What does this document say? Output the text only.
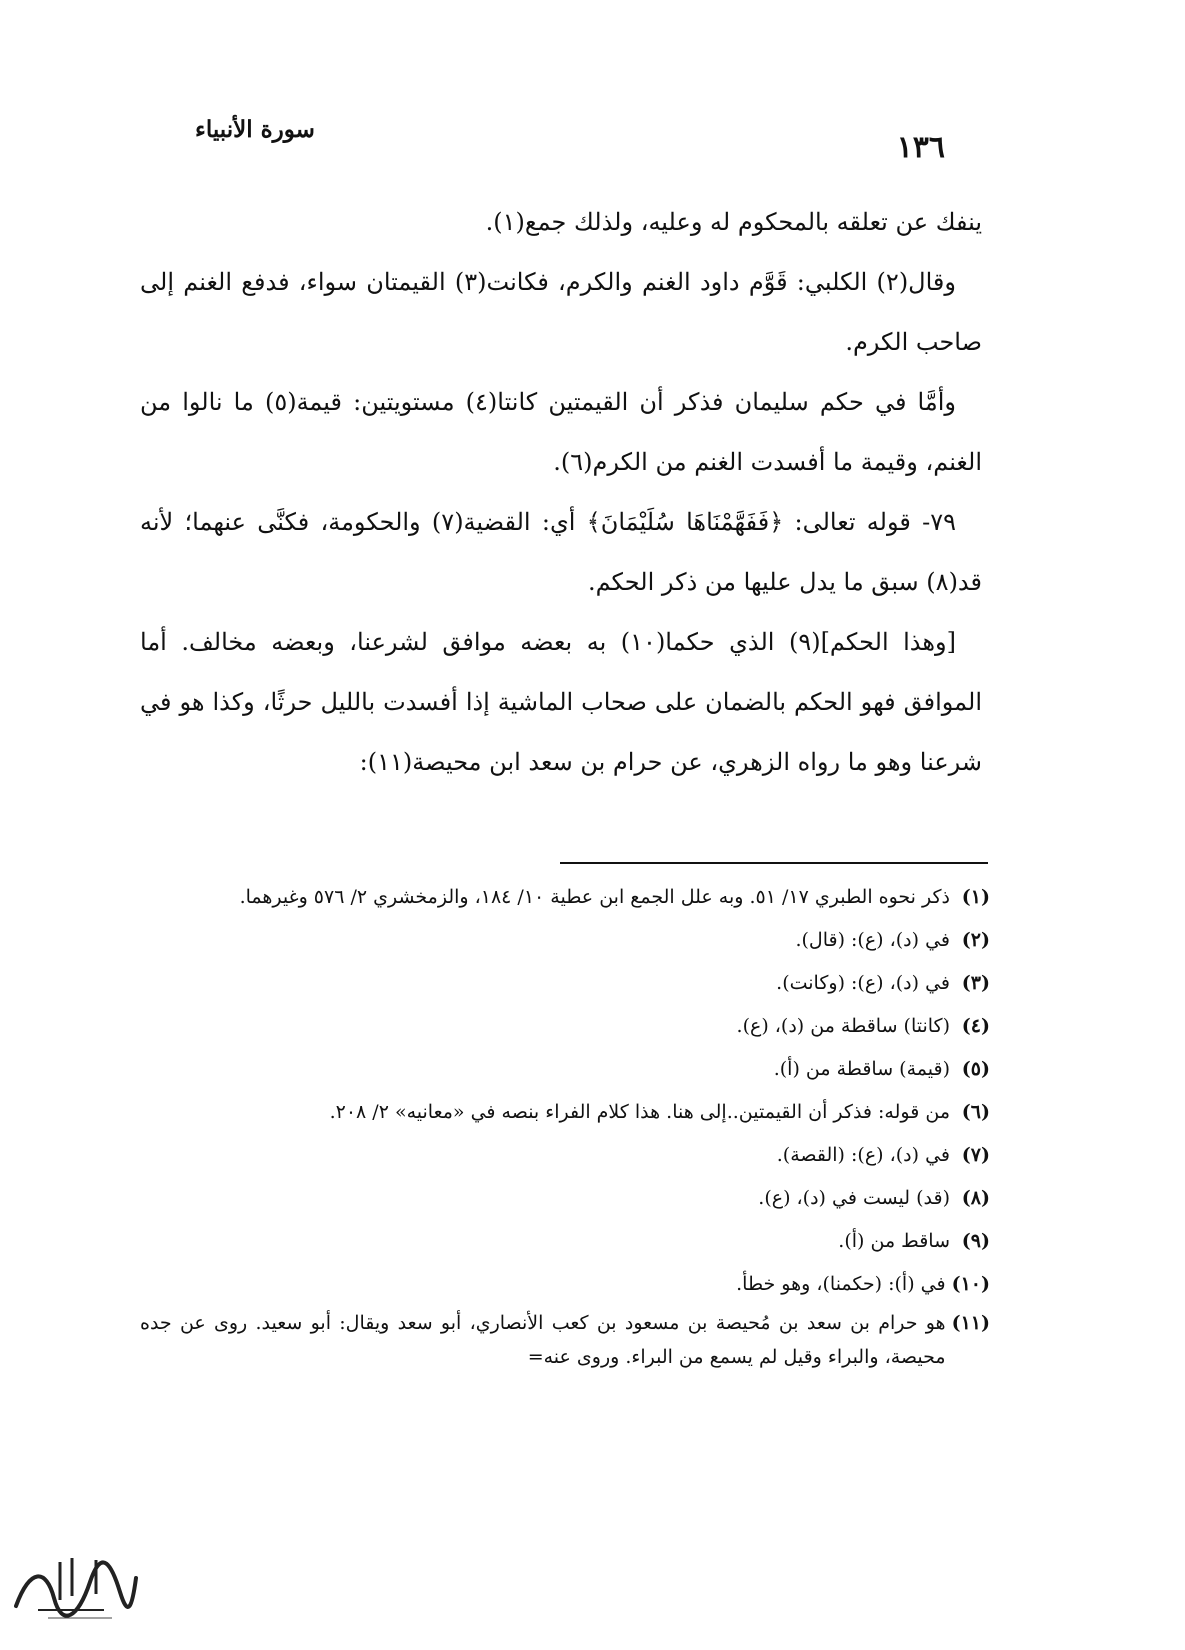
١٣٦
سورة الأنبياء

ينفك عن تعلقه بالمحكوم له وعليه، ولذلك جمع(١).

وقال(٢) الكلبي: قَوَّم داود الغنم والكرم، فكانت(٣) القيمتان سواء، فدفع الغنم إلى صاحب الكرم.

وأمَّا في حكم سليمان فذكر أن القيمتين كانتا(٤) مستويتين: قيمة(٥) ما نالوا من الغنم، وقيمة ما أفسدت الغنم من الكرم(٦).

٧٩- قوله تعالى: ﴿فَفَهَّمْنَاهَا سُلَيْمَانَ﴾ أي: القضية(٧) والحكومة، فكنَّى عنهما؛ لأنه قد(٨) سبق ما يدل عليها من ذكر الحكم.

[وهذا الحكم](٩) الذي حكما(١٠) به بعضه موافق لشرعنا، وبعضه مخالف. أما الموافق فهو الحكم بالضمان على صحاب الماشية إذا أفسدت بالليل حرثًا، وكذا هو في شرعنا وهو ما رواه الزهري، عن حرام بن سعد ابن محيصة(١١):

(١)
ذكر نحوه الطبري ١٧/ ٥١. وبه علل الجمع ابن عطية ١٠/ ١٨٤، والزمخشري ٢/ ٥٧٦ وغيرهما.
(٢)
في (د)، (ع): (قال).
(٣)
في (د)، (ع): (وكانت).
(٤)
(كانتا) ساقطة من (د)، (ع).
(٥)
(قيمة) ساقطة من (أ).
(٦)
من قوله: فذكر أن القيمتين..إلى هنا. هذا كلام الفراء بنصه في «معانيه» ٢/ ٢٠٨.
(٧)
في (د)، (ع): (القصة).
(٨)
(قد) ليست في (د)، (ع).
(٩)
ساقط من (أ).
(١٠)
في (أ): (حكمنا)، وهو خطأ.
(١١)
هو حرام بن سعد بن مُحيصة بن مسعود بن كعب الأنصاري، أبو سعد ويقال: أبو سعيد. روى عن جده محيصة، والبراء وقيل لم يسمع من البراء. وروى عنه=
